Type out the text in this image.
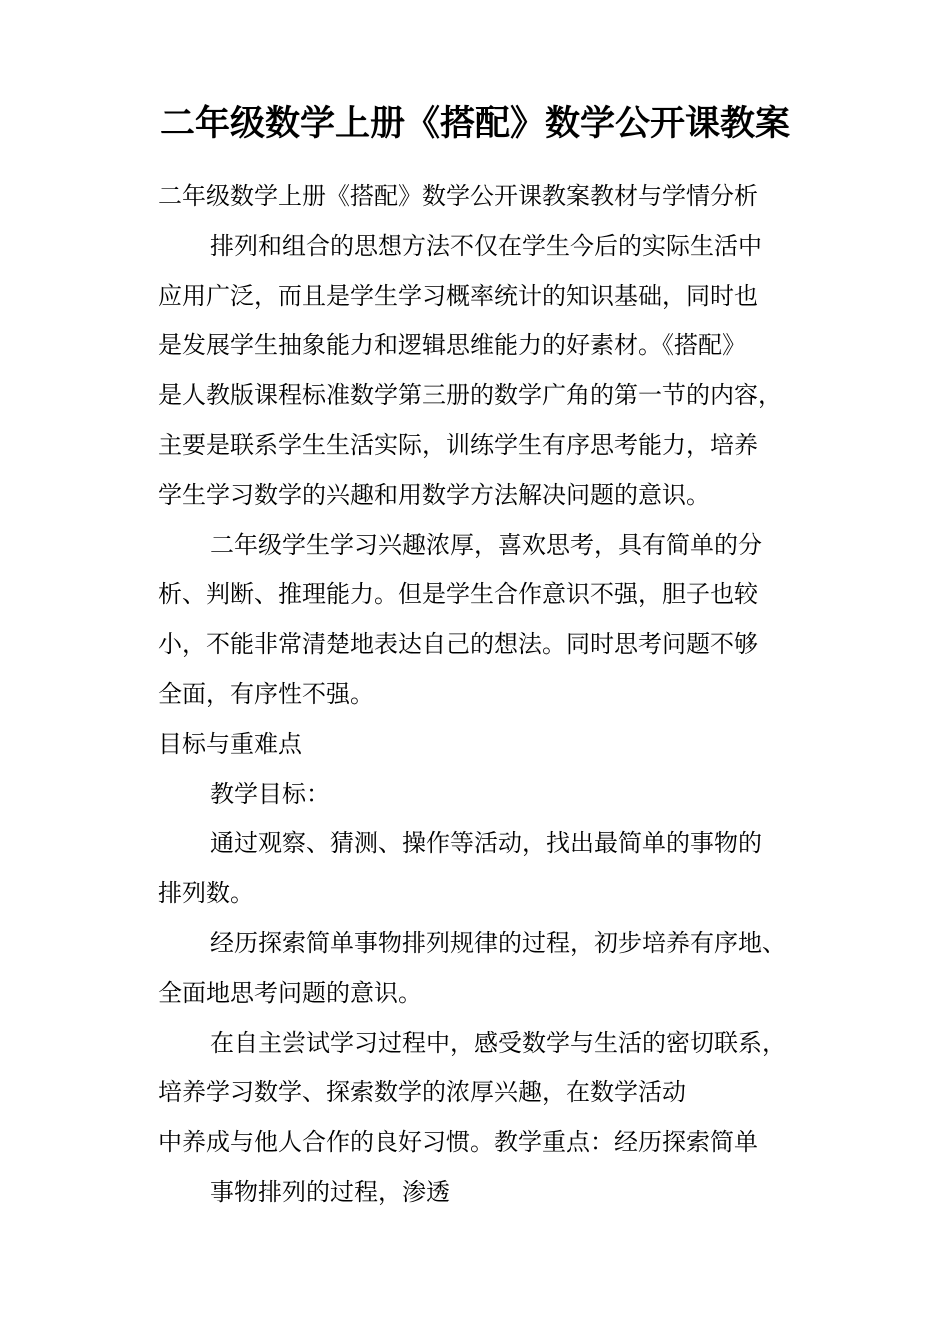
二年级数学上册《搭配》数学公开课教案

二年级数学上册《搭配》数学公开课教案教材与学情分析

排列和组合的思想方法不仅在学生今后的实际生活中

应用广泛，而且是学生学习概率统计的知识基础，同时也

是发展学生抽象能力和逻辑思维能力的好素材。《搭配》

是人教版课程标准数学第三册的数学广角的第一节的内容，

主要是联系学生生活实际，训练学生有序思考能力，培养

学生学习数学的兴趣和用数学方法解决问题的意识。

二年级学生学习兴趣浓厚，喜欢思考，具有简单的分

析、判断、推理能力。但是学生合作意识不强，胆子也较

小，不能非常清楚地表达自己的想法。同时思考问题不够

全面，有序性不强。

目标与重难点

教学目标：

通过观察、猜测、操作等活动，找出最简单的事物的

排列数。

经历探索简单事物排列规律的过程，初步培养有序地、

全面地思考问题的意识。

在自主尝试学习过程中，感受数学与生活的密切联系，

培养学习数学、探索数学的浓厚兴趣，在数学活动

中养成与他人合作的良好习惯。教学重点：经历探索简单

事物排列的过程，渗透
